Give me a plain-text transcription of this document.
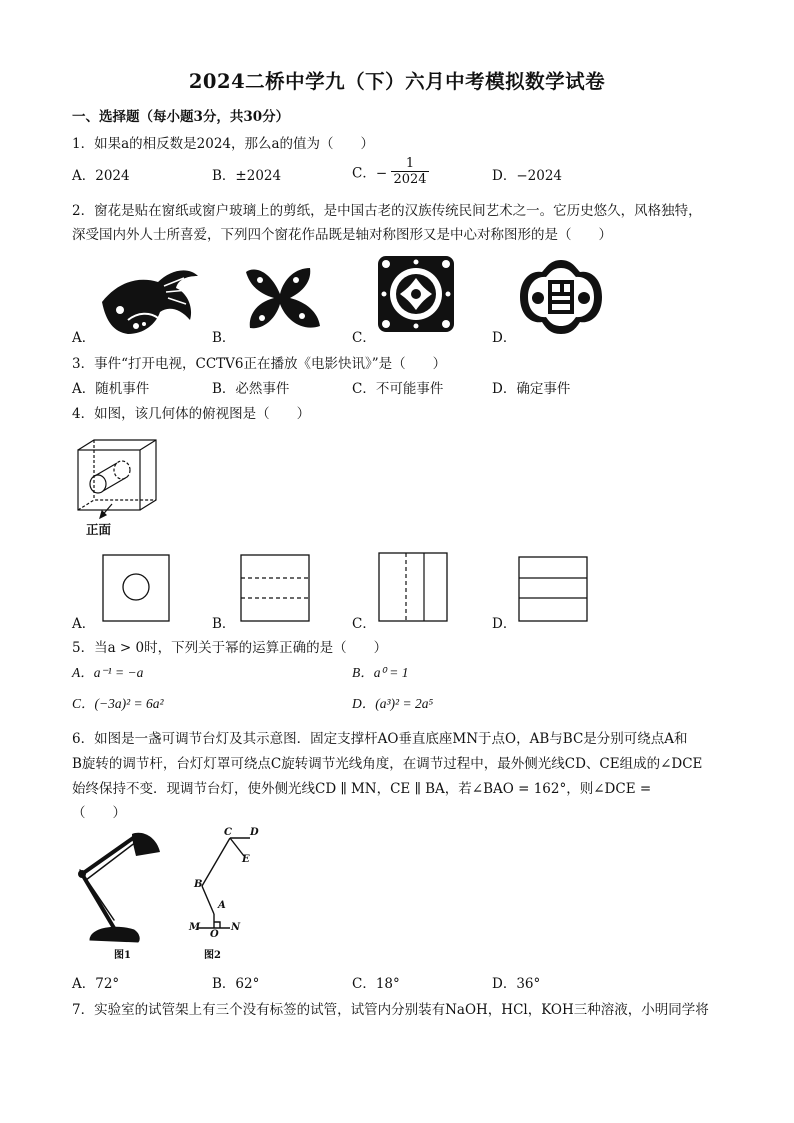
2024二桥中学九（下）六月中考模拟数学试卷
一、选择题（每小题3分，共30分）
1．如果a的相反数是2024，那么a的值为（　　）
A．2024	B．±2024	C．− $\frac{1}{2024}$	D．−2024
2．窗花是贴在窗纸或窗户玻璃上的剪纸，是中国古老的汉族传统民间艺术之一。它历史悠久，风格独特，
深受国内外人士所喜爱，下列四个窗花作品既是轴对称图形又是中心对称图形的是（　　）
A．	B．	C．	D．
3．事件“打开电视，CCTV6正在播放《电影快讯》”是（　　）
A．随机事件	B．必然事件	C．不可能事件	D．确定事件
4．如图，该几何体的俯视图是（　　）
正面
A．	B．	C．	D．
5．当a > 0时，下列关于幂的运算正确的是（　　）
A．a⁻¹ = −a	B．a⁰ = 1
C．(−3a)² = 6a²	D．(a³)² = 2a⁵
6．如图是一盏可调节台灯及其示意图．固定支撑杆AO垂直底座MN于点O，AB与BC是分别可绕点A和
B旋转的调节杆，台灯灯罩可绕点C旋转调节光线角度，在调节过程中，最外侧光线CD、CE组成的∠DCE
始终保持不变．现调节台灯，使外侧光线CD ∥ MN，CE ∥ BA，若∠BAO = 162°，则∠DCE =
（　　）
图1
C D
E
B
A
M
O
N
图2
A．72°	B．62°	C．18°	D．36°
7．实验室的试管架上有三个没有标签的试管，试管内分别装有NaOH，HCl，KOH三种溶液，小明同学将
